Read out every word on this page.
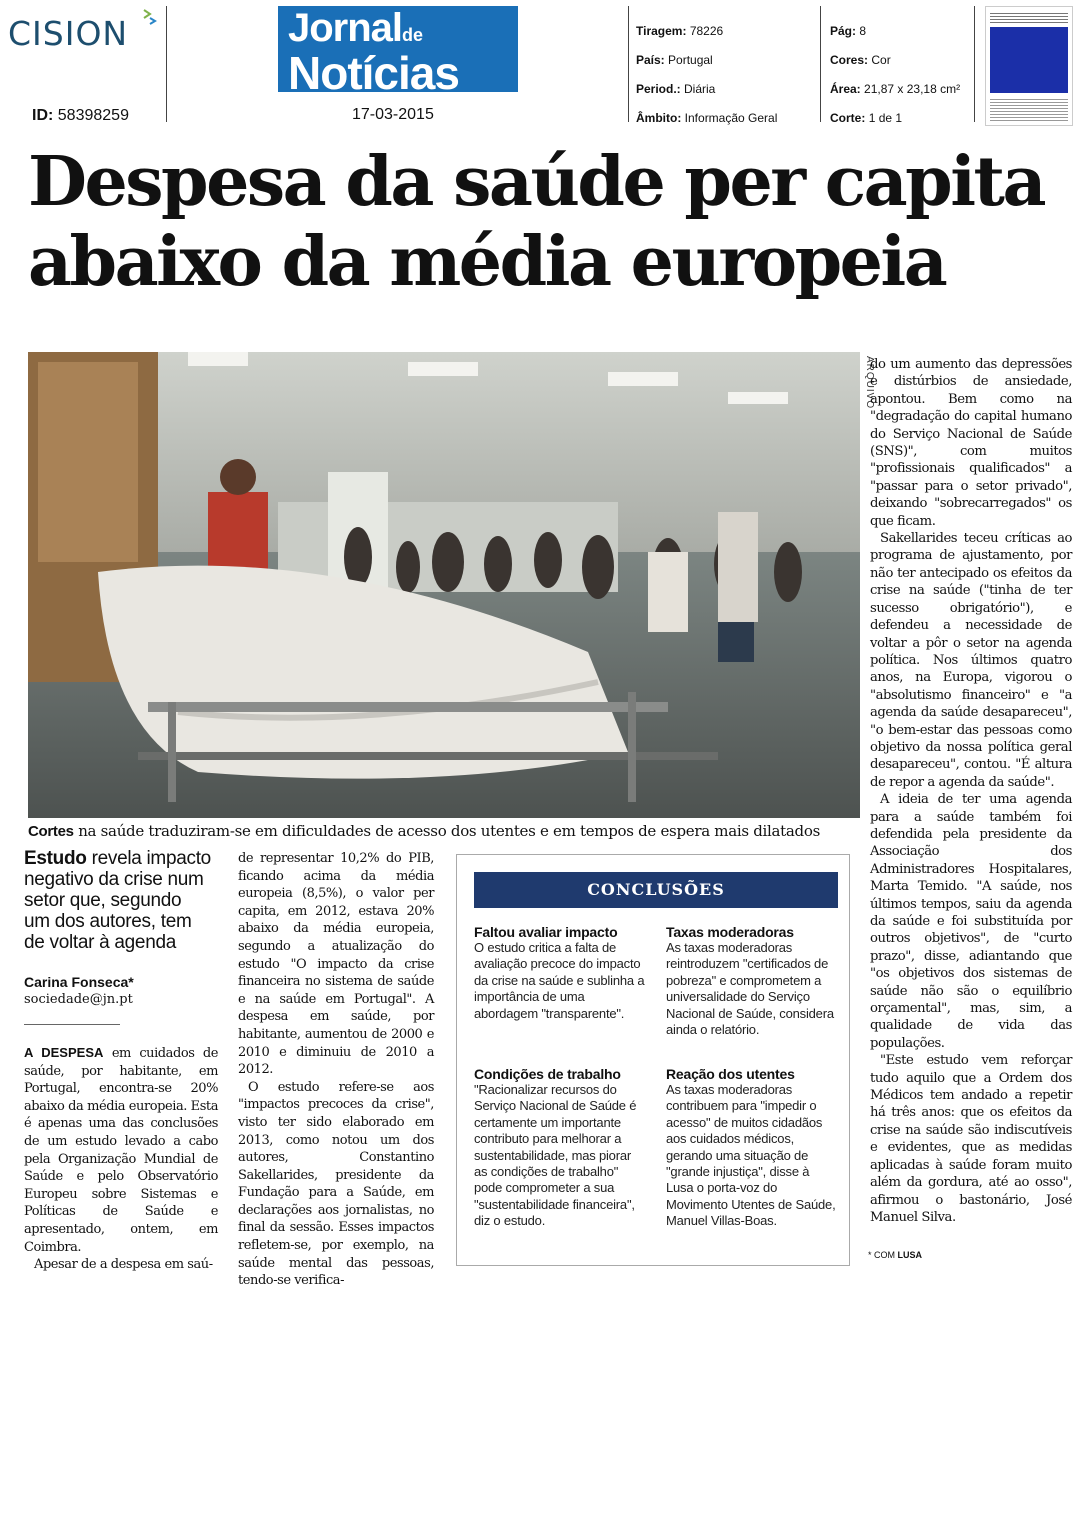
CISION
ID: 58398259
Jornalde
Notícias
17-03-2015
Tiragem: 78226
País: Portugal
Period.: Diária
Âmbito: Informação Geral
Pág: 8
Cores: Cor
Área: 21,87 x 23,18 cm²
Corte: 1 de 1
Despesa da saúde per capita
abaixo da média europeia
ARQUIVO
Cortes na saúde traduziram-se em dificuldades de acesso dos utentes e em tempos de espera mais dilatados
Estudo revela impacto
negativo da crise num
setor que, segundo
um dos autores, tem
de voltar à agenda
Carina Fonseca*
sociedade@jn.pt

A DESPESA em cuidados de saúde, por habitante, em Portugal, encontra-se 20% abaixo da média europeia. Esta é apenas uma das conclusões de um estudo levado a cabo pela Organização Mundial de Saúde e pelo Observatório Europeu sobre Sistemas e Políticas de Saúde e apresentado, ontem, em Coimbra.

Apesar de a despesa em saú-

de representar 10,2% do PIB, ficando acima da média europeia (8,5%), o valor per capita, em 2012, estava 20% abaixo da média europeia, segundo a atualização do estudo "O impacto da crise financeira no sistema de saúde e na saúde em Portugal". A despesa em saúde, por habitante, aumentou de 2000 e 2010 e diminuiu de 2010 a 2012.

O estudo refere-se aos "impactos precoces da crise", visto ter sido elaborado em 2013, como notou um dos autores, Constantino Sakellarides, presidente da Fundação para a Saúde, em declarações aos jornalistas, no final da sessão. Esses impactos refletem-se, por exemplo, na saúde mental das pessoas, tendo-se verifica-

CONCLUSÕES
Faltou avaliar impacto
O estudo critica a falta de avaliação precoce do impacto da crise na saúde e sublinha a importância de uma abordagem "transparente".
Taxas moderadoras
As taxas moderadoras reintroduzem "certificados de pobreza" e comprometem a universalidade do Serviço Nacional de Saúde, considera ainda o relatório.
Condições de trabalho
"Racionalizar recursos do Serviço Nacional de Saúde é certamente um importante contributo para melhorar a sustentabilidade, mas piorar as condições de trabalho" pode comprometer a sua "sustentabilidade financeira", diz o estudo.
Reação dos utentes
As taxas moderadoras contribuem para "impedir o acesso" de muitos cidadãos aos cuidados médicos, gerando uma situação de "grande injustiça", disse à Lusa o porta-voz do Movimento Utentes de Saúde, Manuel Villas-Boas.

do um aumento das depressões e distúrbios de ansiedade, apontou. Bem como na "degradação do capital humano do Serviço Nacional de Saúde (SNS)", com muitos "profissionais qualificados" a "passar para o setor privado", deixando "sobrecarregados" os que ficam.

Sakellarides teceu críticas ao programa de ajustamento, por não ter antecipado os efeitos da crise na saúde ("tinha de ter sucesso obrigatório"), e defendeu a necessidade de voltar a pôr o setor na agenda política. Nos últimos quatro anos, na Europa, vigorou o "absolutismo financeiro" e "a agenda da saúde desapareceu", "o bem-estar das pessoas como objetivo da nossa política geral desapareceu", contou. "É altura de repor a agenda da saúde".

A ideia de ter uma agenda para a saúde também foi defendida pela presidente da Associação dos Administradores Hospitalares, Marta Temido. "A saúde, nos últimos tempos, saiu da agenda da saúde e foi substituída por outros objetivos", de "curto prazo", disse, adiantando que "os objetivos dos sistemas de saúde não são o equilíbrio orçamental", mas, sim, a qualidade de vida das populações.

"Este estudo vem reforçar tudo aquilo que a Ordem dos Médicos tem andado a repetir há três anos: que os efeitos da crise na saúde são indiscutíveis e evidentes, que as medidas aplicadas à saúde foram muito além da gordura, até ao osso", afirmou o bastonário, José Manuel Silva.

* COM LUSA
